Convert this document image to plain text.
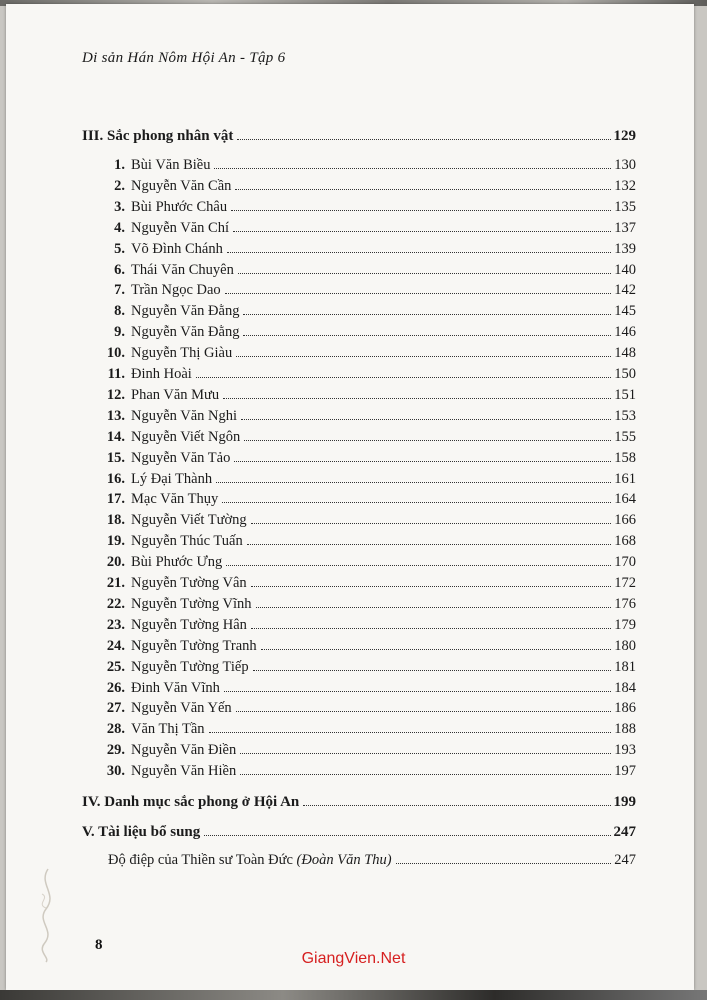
Di sản Hán Nôm Hội An - Tập 6
III. Sắc phong nhân vật	129
1. Bùi Văn Biều	130
2. Nguyễn Văn Cần	132
3. Bùi Phước Châu	135
4. Nguyễn Văn Chí	137
5. Võ Đình Chánh	139
6. Thái Văn Chuyên	140
7. Trần Ngọc Dao	142
8. Nguyễn Văn Đằng	145
9. Nguyễn Văn Đằng	146
10. Nguyễn Thị Giàu	148
11. Đinh Hoài	150
12. Phan Văn Mưu	151
13. Nguyễn Văn Nghi	153
14. Nguyễn Viết Ngôn	155
15. Nguyễn Văn Tảo	158
16. Lý Đại Thành	161
17. Mạc Văn Thụy	164
18. Nguyễn Viết Tường	166
19. Nguyễn Thúc Tuấn	168
20. Bùi Phước Ưng	170
21. Nguyễn Tường Vân	172
22. Nguyễn Tường Vĩnh	176
23. Nguyễn Tường Hân	179
24. Nguyễn Tường Tranh	180
25. Nguyễn Tường Tiếp	181
26. Đinh Văn Vĩnh	184
27. Nguyễn Văn Yến	186
28. Văn Thị Tần	188
29. Nguyễn Văn Điền	193
30. Nguyễn Văn Hiền	197
IV. Danh mục sắc phong ở Hội An	199
V. Tài liệu bổ sung	247
Độ điệp của Thiền sư Toàn Đức (Đoàn Văn Thu)	247
8
GiangVien.Net
